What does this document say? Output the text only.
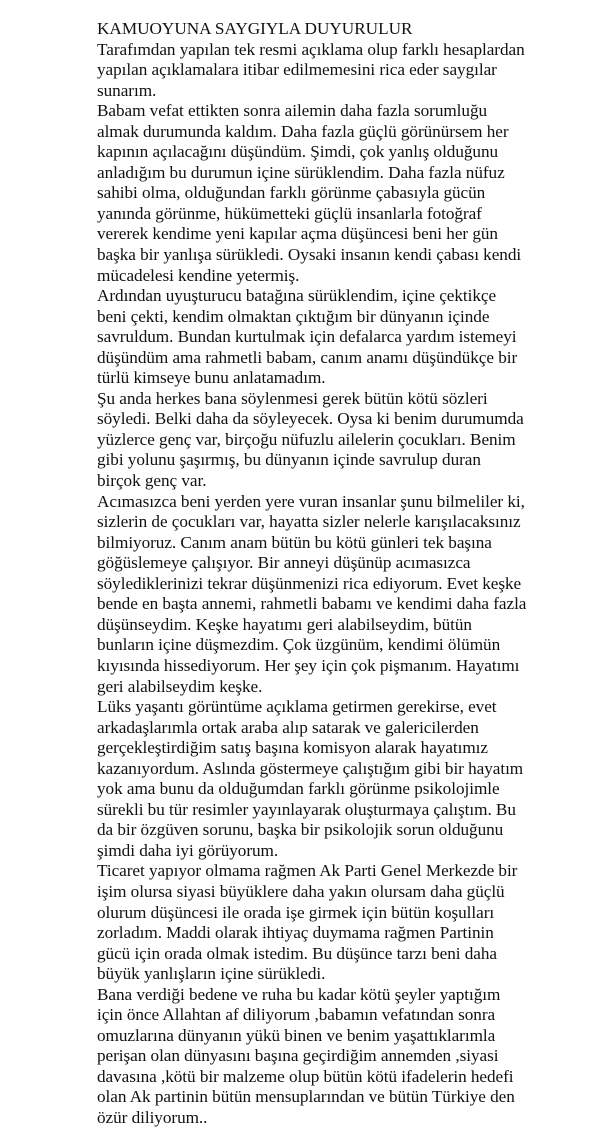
KAMUOYUNA SAYGIYLA DUYURULUR
Tarafımdan yapılan tek resmi açıklama olup farklı hesaplardan
yapılan açıklamalara itibar edilmemesini rica eder saygılar
sunarım.
Babam vefat ettikten sonra ailemin daha fazla sorumluğu
almak durumunda kaldım. Daha fazla güçlü görünürsem her
kapının açılacağını düşündüm. Şimdi, çok yanlış olduğunu
anladığım bu durumun içine sürüklendim. Daha fazla nüfuz
sahibi olma, olduğundan farklı görünme çabasıyla gücün
yanında görünme, hükümetteki güçlü insanlarla fotoğraf
vererek kendime yeni kapılar açma düşüncesi beni her gün
başka bir yanlışa sürükledi. Oysaki insanın kendi çabası kendi
mücadelesi kendine yetermiş.
Ardından uyuşturucu batağına sürüklendim, içine çektikçe
beni çekti, kendim olmaktan çıktığım bir dünyanın içinde
savruldum. Bundan kurtulmak için defalarca yardım istemeyi
düşündüm ama rahmetli babam, canım anamı düşündükçe bir
türlü kimseye bunu anlatamadım.
Şu anda herkes bana söylenmesi gerek bütün kötü sözleri
söyledi. Belki daha da söyleyecek. Oysa ki benim durumumda
yüzlerce genç var, birçoğu nüfuzlu ailelerin çocukları. Benim
gibi yolunu şaşırmış, bu dünyanın içinde savrulup duran
birçok genç var.
Acımasızca beni yerden yere vuran insanlar şunu bilmeliler ki,
sizlerin de çocukları var, hayatta sizler nelerle karışılacaksınız
bilmiyoruz. Canım anam bütün bu kötü günleri tek başına
göğüslemeye çalışıyor. Bir anneyi düşünüp acımasızca
söylediklerinizi tekrar düşünmenizi rica ediyorum. Evet keşke
bende en başta annemi, rahmetli babamı ve kendimi daha fazla
düşünseydim. Keşke hayatımı geri alabilseydim, bütün
bunların içine düşmezdim. Çok üzgünüm, kendimi ölümün
kıyısında hissediyorum. Her şey için çok pişmanım. Hayatımı
geri alabilseydim keşke.
Lüks yaşantı görüntüme açıklama getirmen gerekirse, evet
arkadaşlarımla ortak araba alıp satarak ve galericilerden
gerçekleştirdiğim satış başına komisyon alarak hayatımız
kazanıyordum. Aslında göstermeye çalıştığım gibi bir hayatım
yok ama bunu da olduğumdan farklı görünme psikolojimle
sürekli bu tür resimler yayınlayarak oluşturmaya çalıştım. Bu
da bir özgüven sorunu, başka bir psikolojik sorun olduğunu
şimdi daha iyi görüyorum.
Ticaret yapıyor olmama rağmen Ak Parti Genel Merkezde bir
işim olursa siyasi büyüklere daha yakın olursam daha güçlü
olurum düşüncesi ile orada işe girmek için bütün koşulları
zorladım. Maddi olarak ihtiyaç duymama rağmen Partinin
gücü için orada olmak istedim. Bu düşünce tarzı beni daha
büyük yanlışların içine sürükledi.
Bana verdiği bedene ve ruha bu kadar kötü şeyler yaptığım
için önce Allahtan af diliyorum ,babamın vefatından sonra
omuzlarına dünyanın yükü binen ve benim yaşattıklarımla
perişan olan dünyasını başına geçirdiğim annemden ,siyasi
davasına ,kötü bir malzeme olup bütün kötü ifadelerin hedefi
olan Ak partinin bütün mensuplarından ve bütün Türkiye den
özür diliyorum..
